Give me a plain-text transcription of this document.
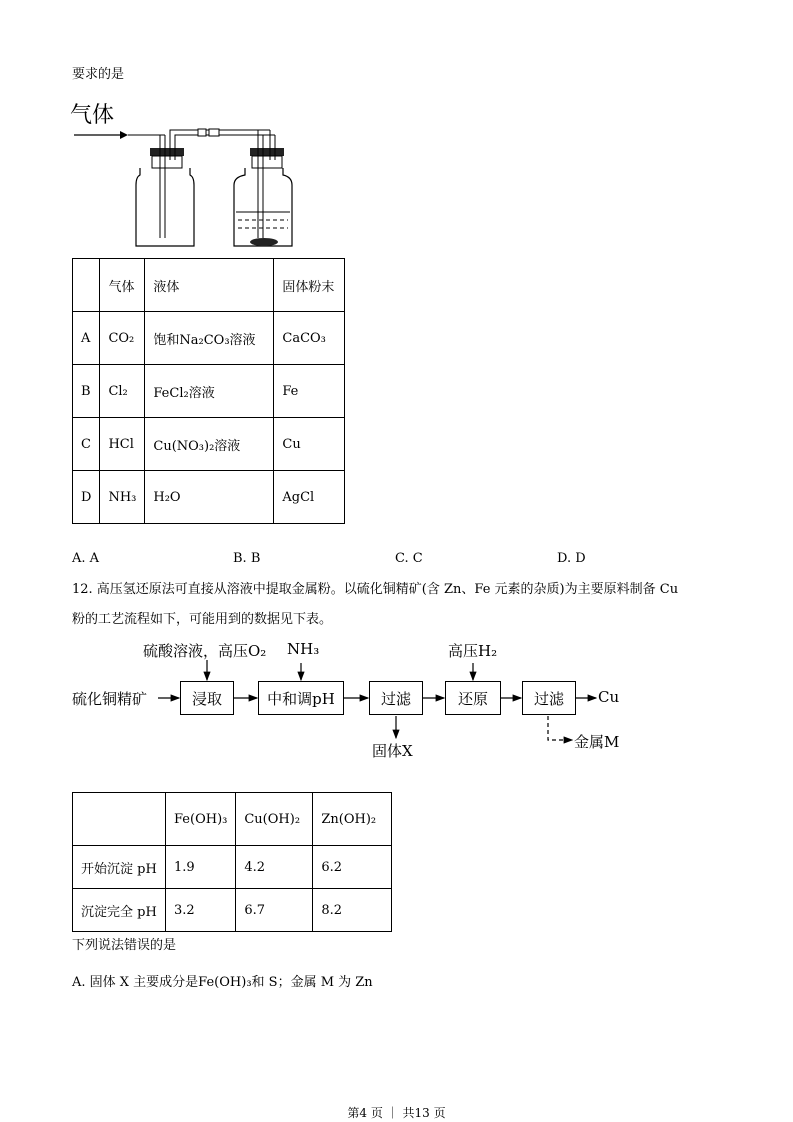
要求的是
气体
	气体	液体	固体粉末
A	CO₂	饱和Na₂CO₃溶液	CaCO₃
B	Cl₂	FeCl₂溶液	Fe
C	HCl	Cu(NO₃)₂溶液	Cu
D	NH₃	H₂O	AgCl
A. A	B. B	C. C	D. D
12. 高压氢还原法可直接从溶液中提取金属粉。以硫化铜精矿(含 Zn、Fe 元素的杂质)为主要原料制备 Cu
粉的工艺流程如下，可能用到的数据见下表。
硫化铜精矿
硫酸溶液，高压O₂ NH₃	高压H₂
浸取	中和调pH	过滤	还原	过滤	Cu
固体X	金属M
	Fe(OH)₃	Cu(OH)₂	Zn(OH)₂
开始沉淀 pH	1.9	4.2	6.2
沉淀完全 pH	3.2	6.7	8.2
下列说法错误的是
A. 固体 X 主要成分是Fe(OH)₃和 S；金属 M 为 Zn
第4 页 ｜ 共13 页
